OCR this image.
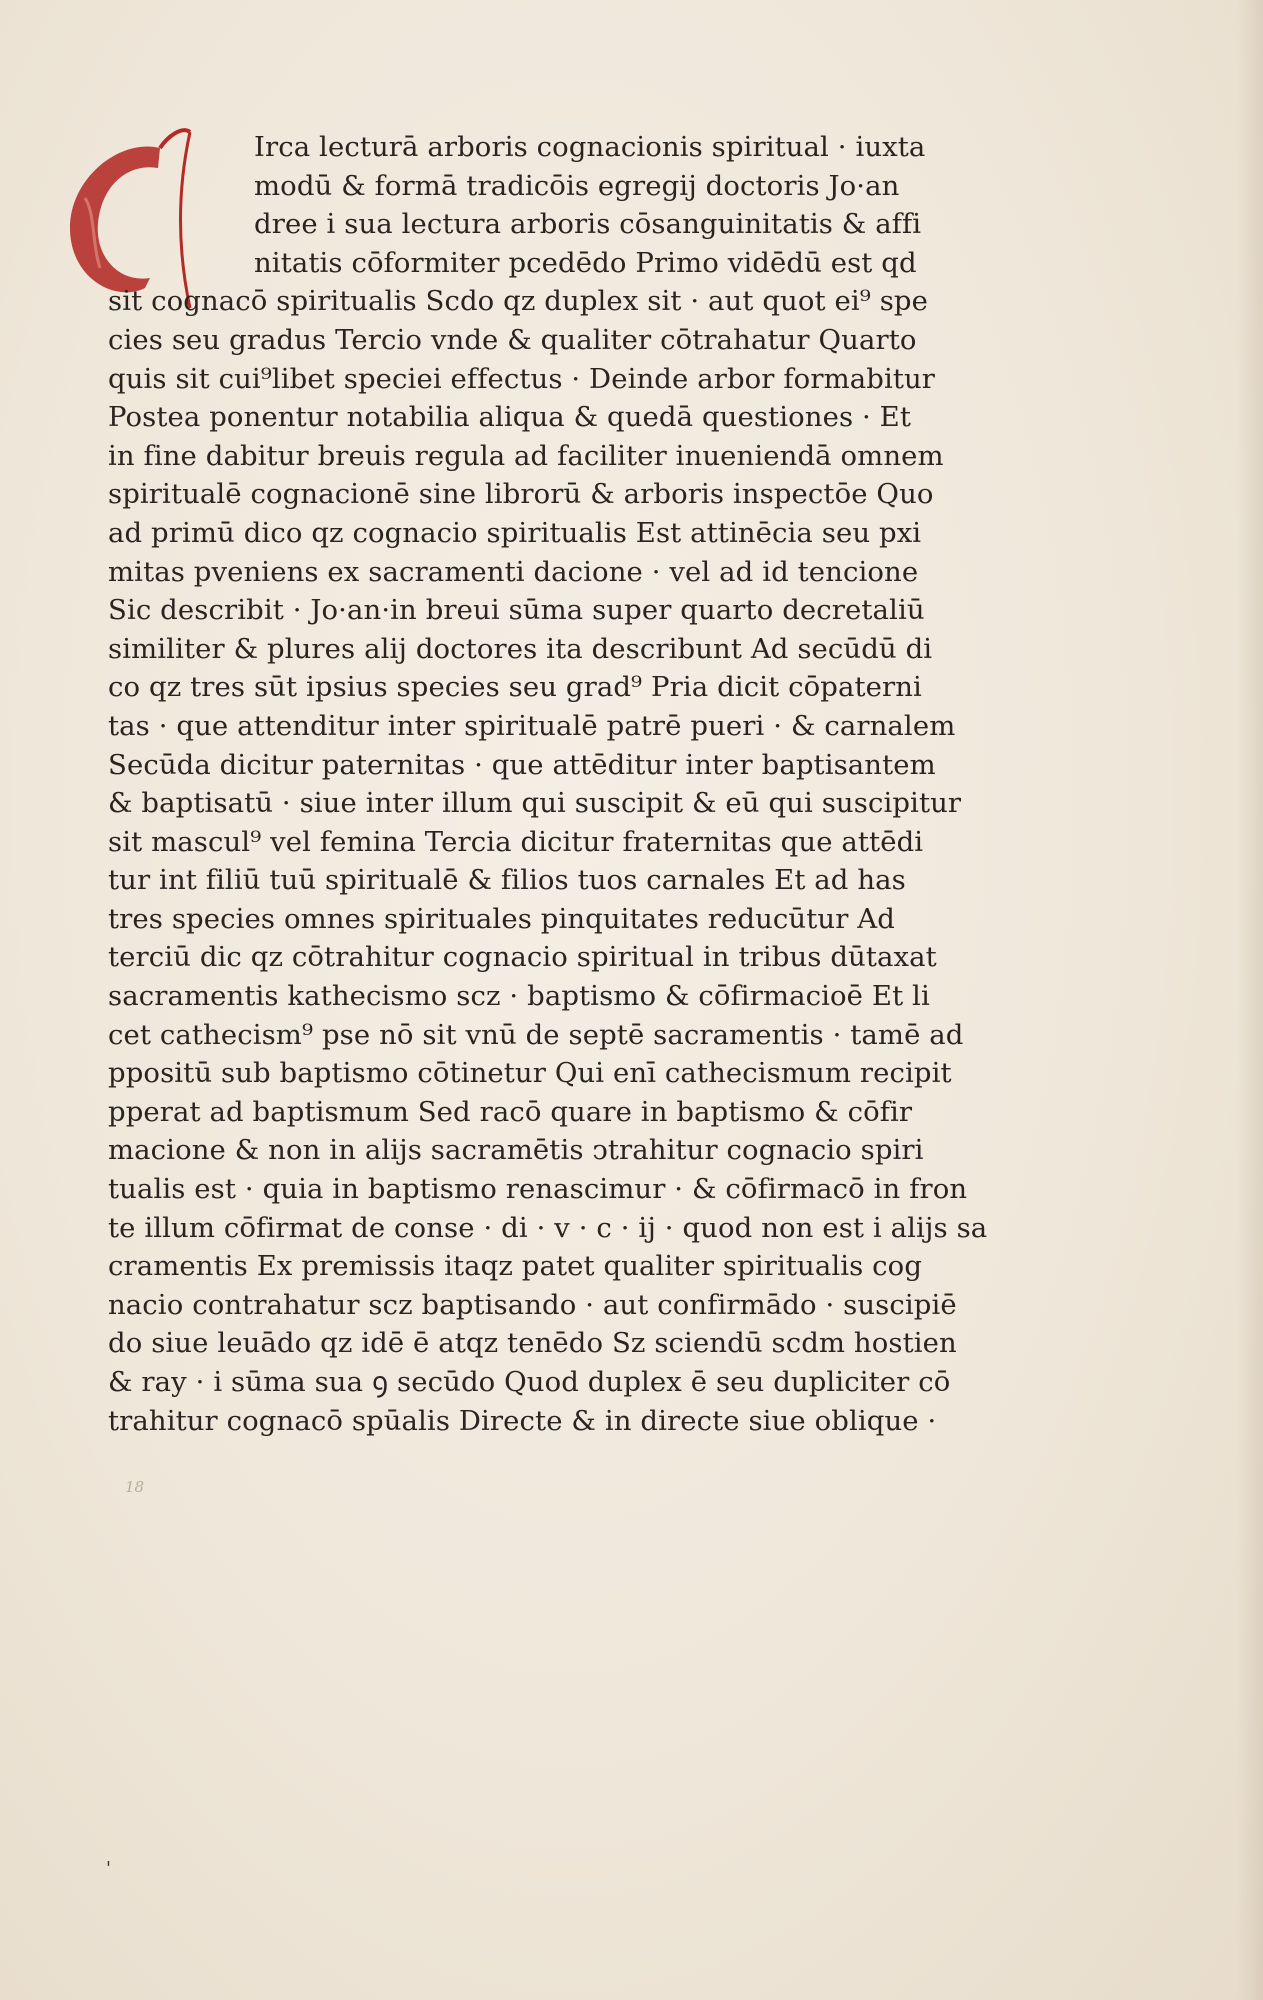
Irca lecturā arboris cognacionis spiritual · iuxta
modū & formā tradicōis egregij doctoris Jo·an
dree i sua lectura arboris cōsanguinitatis & affi
nitatis cōformiter pcedēdo Primo vidēdū est qd
sit cognacō spiritualis Scdo qz duplex sit · aut quot ei⁹ spe
cies seu gradus Tercio vnde & qualiter cōtrahatur Quarto
quis sit cui⁹libet speciei effectus · Deinde arbor formabitur
Postea ponentur notabilia aliqua & quedā questiones · Et
in fine dabitur breuis regula ad faciliter inueniendā omnem
spiritualē cognacionē sine librorū & arboris inspectōe Quo
ad primū dico qz cognacio spiritualis Est attinēcia seu pxi
mitas pveniens ex sacramenti dacione · vel ad id tencione
Sic describit · Jo·an·in breui sūma super quarto decretaliū
similiter & plures alij doctores ita describunt Ad secūdū di
co qz tres sūt ipsius species seu grad⁹ Pria dicit cōpaterni
tas · que attenditur inter spiritualē patrē pueri · & carnalem
Secūda dicitur paternitas · que attēditur inter baptisantem
& baptisatū · siue inter illum qui suscipit & eū qui suscipitur
sit mascul⁹ vel femina Tercia dicitur fraternitas que attēdi
tur int filiū tuū spiritualē & filios tuos carnales Et ad has
tres species omnes spirituales pinquitates reducūtur Ad
terciū dic qz cōtrahitur cognacio spiritual in tribus dūtaxat
sacramentis kathecismo scz · baptismo & cōfirmacioē Et li
cet cathecism⁹ pse nō sit vnū de septē sacramentis · tamē ad
ppositū sub baptismo cōtinetur Qui enī cathecismum recipit
pperat ad baptismum Sed racō quare in baptismo & cōfir
macione & non in alijs sacramētis ↄtrahitur cognacio spiri
tualis est · quia in baptismo renascimur · & cōfirmacō in fron
te illum cōfirmat de conse · di · v · c · ij · quod non est i alijs sa
cramentis Ex premissis itaqz patet qualiter spiritualis cog
nacio contrahatur scz baptisando · aut confirmādo · suscipiē
do siue leuādo qz idē ē atqz tenēdo Sz sciendū scdm hostien
& ray · i sūma sua ꝯ secūdo Quod duplex ē seu dupliciter cō
trahitur cognacō spūalis Directe & in directe siue oblique ·
18
'
